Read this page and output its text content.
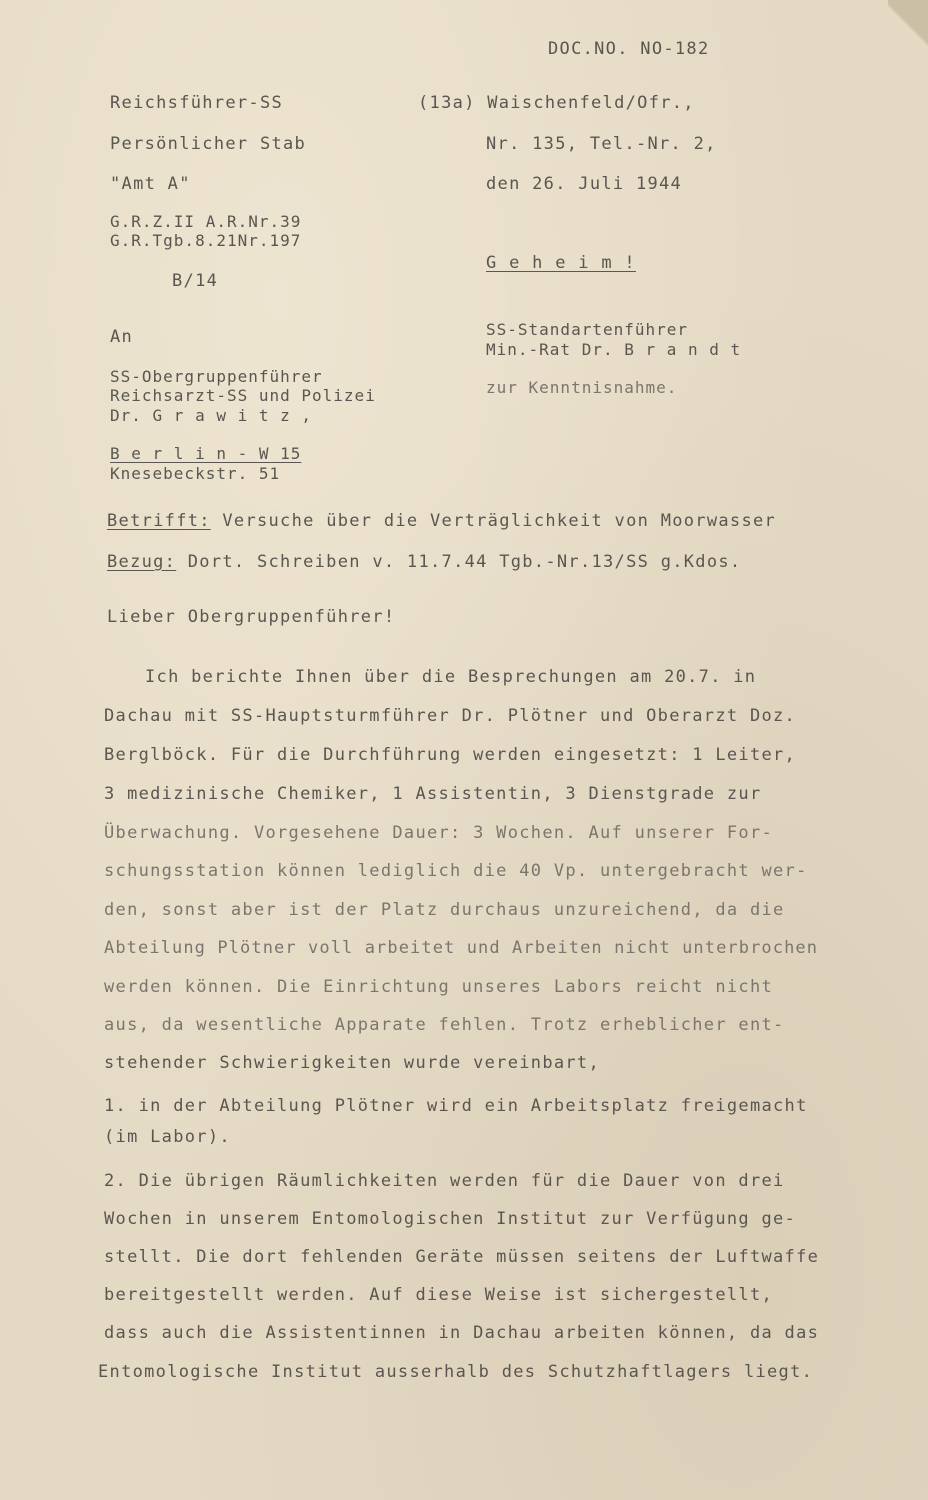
DOC.NO. NO-182
Reichsführer-SS
Persönlicher Stab
"Amt A"
G.R.Z.II A.R.Nr.39
G.R.Tgb.8.21Nr.197
B/14
(13a) Waischenfeld/Ofr.,
Nr. 135, Tel.-Nr. 2,
den 26. Juli 1944
G e h e i m !
SS-Standartenführer
Min.-Rat Dr. B r a n d t
zur Kenntnisnahme.
An
SS-Obergruppenführer
Reichsarzt-SS und Polizei
Dr. G r a w i t z ,
B e r l i n - W 15
Knesebeckstr. 51
Betrifft: Versuche über die Verträglichkeit von Moorwasser
Bezug: Dort. Schreiben v. 11.7.44 Tgb.-Nr.13/SS g.Kdos.
Lieber Obergruppenführer!
Ich berichte Ihnen über die Besprechungen am 20.7. in
Dachau mit SS-Hauptsturmführer Dr. Plötner und Oberarzt Doz.
Berglböck. Für die Durchführung werden eingesetzt: 1 Leiter,
3 medizinische Chemiker, 1 Assistentin, 3 Dienstgrade zur
Überwachung. Vorgesehene Dauer: 3 Wochen. Auf unserer For-
schungsstation können lediglich die 40 Vp. untergebracht wer-
den, sonst aber ist der Platz durchaus unzureichend, da die
Abteilung Plötner voll arbeitet und Arbeiten nicht unterbrochen
werden können. Die Einrichtung unseres Labors reicht nicht
aus, da wesentliche Apparate fehlen. Trotz erheblicher ent-
stehender Schwierigkeiten wurde vereinbart,
1. in der Abteilung Plötner wird ein Arbeitsplatz freigemacht
(im Labor).
2. Die übrigen Räumlichkeiten werden für die Dauer von drei
Wochen in unserem Entomologischen Institut zur Verfügung ge-
stellt. Die dort fehlenden Geräte müssen seitens der Luftwaffe
bereitgestellt werden. Auf diese Weise ist sichergestellt,
dass auch die Assistentinnen in Dachau arbeiten können, da das
Entomologische Institut ausserhalb des Schutzhaftlagers liegt.
